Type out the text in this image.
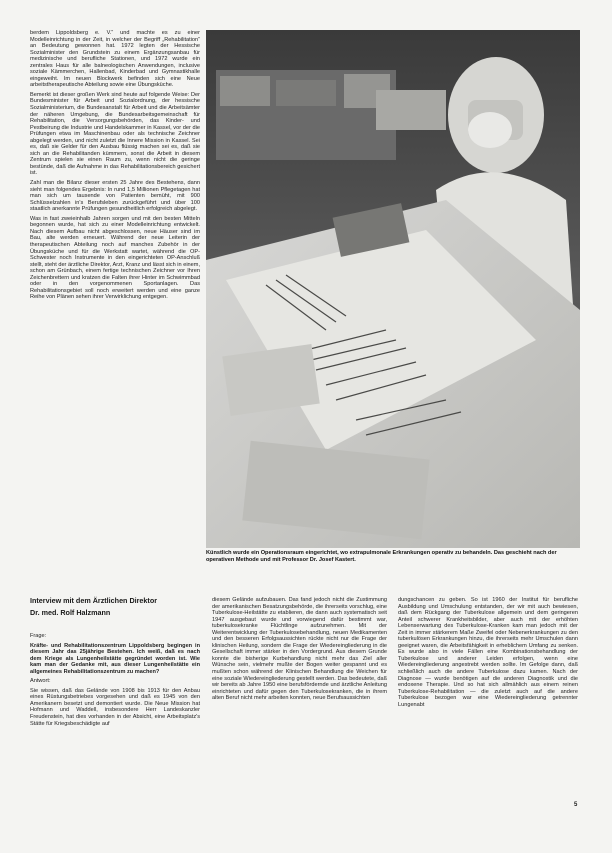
berdem Lippoldsberg e. V.“ und machte es zu einer Modelleinrichtung in der Zeit, in welcher der Begriff „Rehabilitation“ an Bedeutung gewonnen hat. 1972 legten der Hessische Sozialminister den Grundstein zu einem Ergänzungsanbau für medizinische und berufliche Stationen, und 1972 wurde ein zentrales Haus für alle balneologischen Anwendungen, inclusive soziale Kämmerchen, Hallenbad, Kinderbad und Gymnastikhalle eingeweiht. Im neuen Blockwerk befinden sich eine Neue arbeitstherapeutische Abteilung sowie eine Übungsküche.

Bemerkt ist dieser großen Werk sind heute auf folgende Weise: Der Bundesminister für Arbeit und Sozialordnung, der hessische Sozialministerium, die Bundesanstalt für Arbeit und die Arbeitsämter der näheren Umgebung, die Bundesarbeitsgemeinschaft für Rehabilitation, die Versorgungsbehörden, das Kinder- und Pestbeirung die Industrie und Handelskammer in Kassel, vor der die Prüfungen etwa im Maschinenbau oder als technische Zeichner abgelegt werden, und nicht zuletzt die Innere Mission in Kassel. Sei es, daß sie Gelder für den Ausbau flüssig machen sei es, daß sie sich an die Rehabilitanden kümmern, sonst die Arbeit in diesem Zentrum spielen sie einen Raum zu, wenn nicht die geringe bestünde, daß die Aufnahme in das Rehabilitationsbereich gesichert ist.

Zahl man die Bilanz dieser ersten 25 Jahre des Bestehens, dann sieht man folgendes Ergebnis: In rund 1,5 Millionen Pflegetagen hat man sich um tausende von Patienten bemüht, mit 900 Schlüsselzahlen in's Berufsleben zurückgeführt und über 100 staatlich anerkannte Prüfungen gesundheitlich erfolgreich abgelegt.

Was in fast zweieinhalb Jahren sorgen und mit den besten Mitteln begonnen wurde, hat sich zu einer Modelleinrichtung entwickelt. Nach diesem Aufbau nicht abgeschlossen, neue Häuser sind im Bau, alte werden erneuert. Während der neue Leiterin der therapeutischen Abteilung noch auf manches Zubehör in der Übungsküche und für die Werkstatt wartet, während die OP-Schwester noch Instrumente in den eingerichteten OP-Anschluß stellt, steht der ärztliche Direktor, Arzt, Kranz und lässt sich in einem, schon am Grünbach, einem fertige technischen Zeichner vor Ihren Zeichenbrettern und kratzen die Falten ihrer Hinter im Schwimmbad oder in den vorgenommenen Sportanlagen. Das Rehabilitationsgebiet soll noch erweitert werden und eine ganze Reihe von Plänen sehen ihrer Verwirklichung entgegen.

Künstlich wurde ein Operationsraum eingerichtet, wo extrapulmonale Erkrankungen operativ zu behandeln. Das geschieht nach der operativen Methode und mit Professor Dr. Josef Kastert.
Interview mit dem Ärztlichen Direktor
Dr. med. Rolf Halzmann

Frage:

Kräfte- und Rehabilitationszentrum Lippoldsberg begingen in diesem Jahr das 25jährige Bestehen. Ich weiß, daß es nach dem Kriege als Lungenheilstätte gegründet worden ist. Wie kam man der Gedanke mit, aus dieser Lungenheilstätte ein allgemeines Rehabilitationszentrum zu machen?

Antwort:

Sie wissen, daß das Gelände von 1908 bis 1913 für den Anbau eines Rüstungsbetriebes vorgesehen und daß es 1945 von den Amerikanern besetzt und demontiert wurde. Die Neue Mission hat Hofmann und Waddell, insbesondere Herr Landeskanzler Freudenstein, hat dies vorhanden in der Absicht, eine Arbeitsplatz's Stätte für Kriegsbeschädigte auf

diesem Gelände aufzubauen. Das fand jedoch nicht die Zustimmung der amerikanischen Besatzungsbehörde, die ihrerseits vorschlug, eine Tuberkulose-Heilstätte zu etablieren, die dann auch systematisch seit 1947 ausgebaut wurde und vorwiegend dafür bestimmt war, tuberkulosekranke Flüchtlinge aufzunehmen. Mit der Weiterentwicklung der Tuberkulosebehandlung, neuen Medikamenten und den besseren Erfolgsaussichten rückte nicht nur die Frage der klinischen Heilung, sondern die Frage der Wiedereingliederung in die Gesellschaft immer stärker in den Vordergrund. Aus diesem Grunde konnte die bisherige Kurbehandlung nicht mehr das Ziel aller Wünsche sein, vielmehr mußte der Bogen weiter gespannt und es mußten schon während der Klinischen Behandlung die Weichen für eine soziale Wiedereingliederung gestellt werden. Das bedeutete, daß wir bereits ab Jahre 1950 eine berufsfördernde und ärztliche Anleitung einrichteten und dafür gegen den Tuberkulosekranken, die in ihrem alten Beruf nicht mehr arbeiten konnten, neue Berufsaussichten

dungschancen zu geben. So ist 1960 der Institut für berufliche Ausbildung und Umschulung entstanden, der wir mit auch bewiesen, daß dem Rückgang der Tuberkulose allgemein und dem geringeren Anteil schwerer Krankheitsbilder, aber auch mit der erhöhten Lebenserwartung des Tuberkulose-Kranken kam man jedoch mit der Zeit in immer stärkerem Maße Zweifel oder Nebenerkrankungen zu den tuberkulösen Erkrankungen hinzu, die ihrerseits mehr Umschulen dann geeignet waren, die Arbeitsfähigkeit in erheblichem Umfang zu senken. Es wurde also in viele Fällen eine Kombinationsbehandlung der Tuberkulose und anderer Leiden erfolgen, wenn eine Wiedereingliederung angestrebt werden sollte. Im Gefolge dann, daß schließlich auch die andere Tuberkulose dazu kamen. Nach der Diagnose — wurde benötigen auf die anderen Diagnostik und die endoxene Therapie. Und so hat sich allmählich aus einem reinen Tuberkulose-Rehabilitation — die zuletzt auch auf die andere Tuberkulose bezogen war eine Wiedereingliederung getrennter Lungenabt

5
